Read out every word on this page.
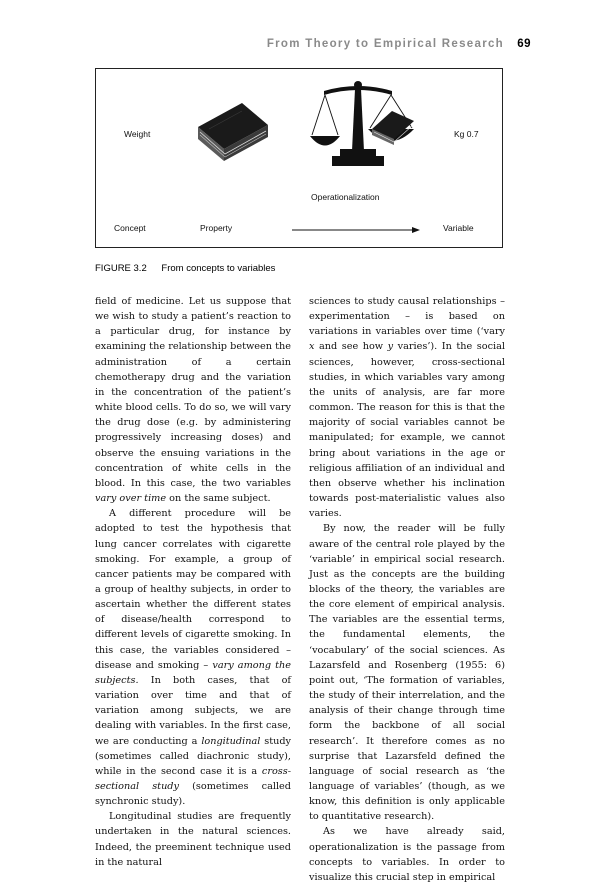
From Theory to Empirical Research 69
Weight	Kg 0.7
Operationalization
Concept	Property	Variable
FIGURE 3.2 From concepts to variables

field of medicine. Let us suppose that we wish to study a patient’s reaction to a particular drug, for instance by examining the relationship between the administration of a certain chemotherapy drug and the variation in the concentration of the patient’s white blood cells. To do so, we will vary the drug dose (e.g. by administering progressively increasing doses) and observe the ensuing variations in the concentration of white cells in the blood. In this case, the two variables vary over time on the same subject.

A different procedure will be adopted to test the hypothesis that lung cancer correlates with cigarette smoking. For example, a group of cancer patients may be compared with a group of healthy subjects, in order to ascertain whether the different states of disease/health correspond to different levels of cigarette smoking. In this case, the variables considered – disease and smoking – vary among the subjects. In both cases, that of variation over time and that of variation among subjects, we are dealing with variables. In the first case, we are conducting a longitudinal study (sometimes called diachronic study), while in the second case it is a cross-sectional study (sometimes called synchronic study).

Longitudinal studies are frequently undertaken in the natural sciences. Indeed, the preeminent technique used in the natural

sciences to study causal relationships – experimentation – is based on variations in variables over time (‘vary x and see how y varies’). In the social sciences, however, cross-sectional studies, in which variables vary among the units of analysis, are far more common. The reason for this is that the majority of social variables cannot be manipulated; for example, we cannot bring about variations in the age or religious affiliation of an individual and then observe whether his inclination towards post-materialistic values also varies.

By now, the reader will be fully aware of the central role played by the ‘variable’ in empirical social research. Just as the concepts are the building blocks of the theory, the variables are the core element of empirical analysis. The variables are the essential terms, the fundamental elements, the ‘vocabulary’ of the social sciences. As Lazarsfeld and Rosenberg (1955: 6) point out, ‘The formation of variables, the study of their interrelation, and the analysis of their change through time form the backbone of all social research’. It therefore comes as no surprise that Lazarsfeld defined the language of social research as ‘the language of variables’ (though, as we know, this definition is only applicable to quantitative research).

As we have already said, operationalization is the passage from concepts to variables. In order to visualize this crucial step in empirical
